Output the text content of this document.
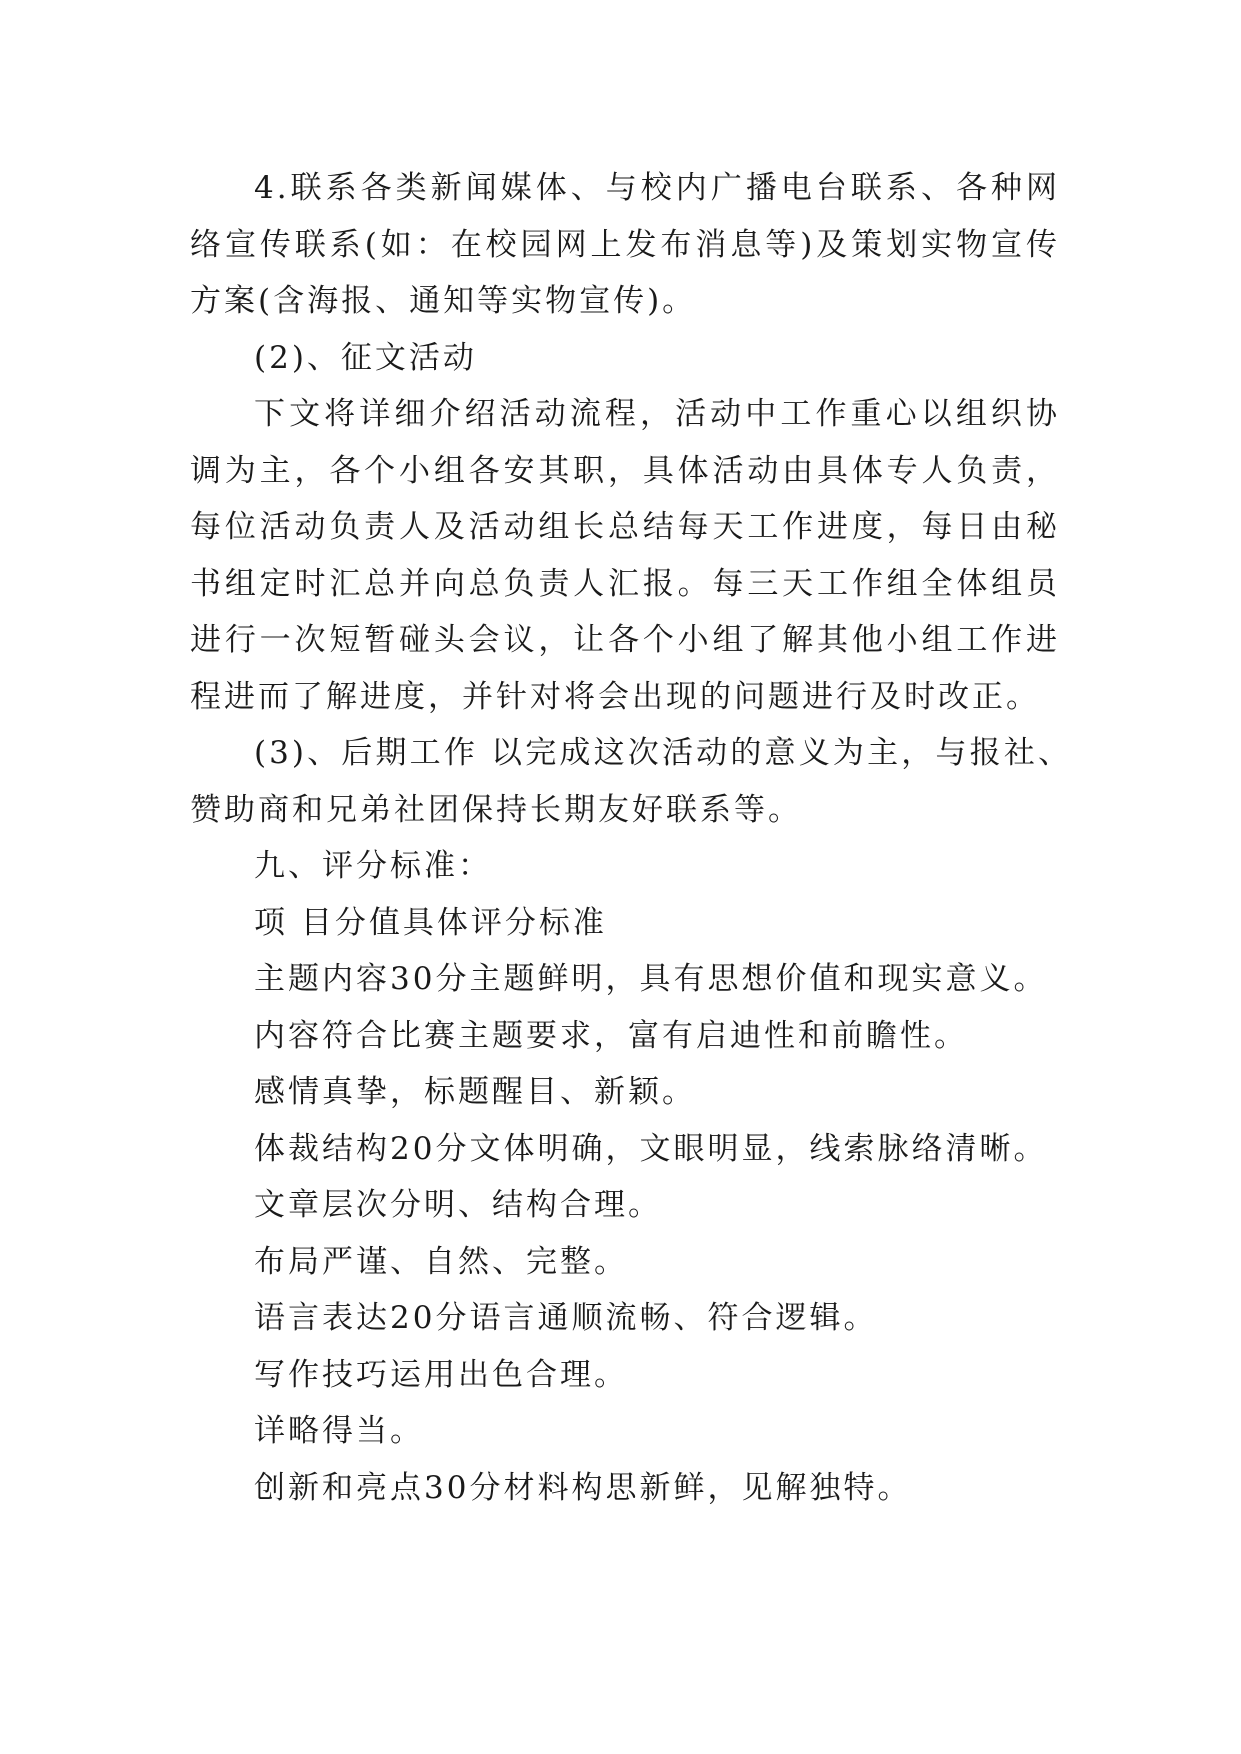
4.联系各类新闻媒体、与校内广播电台联系、各种网络宣传联系(如：在校园网上发布消息等)及策划实物宣传方案(含海报、通知等实物宣传)。

(2)、征文活动

下文将详细介绍活动流程，活动中工作重心以组织协调为主，各个小组各安其职，具体活动由具体专人负责，每位活动负责人及活动组长总结每天工作进度，每日由秘书组定时汇总并向总负责人汇报。每三天工作组全体组员进行一次短暂碰头会议，让各个小组了解其他小组工作进程进而了解进度，并针对将会出现的问题进行及时改正。

(3)、后期工作 以完成这次活动的意义为主，与报社、赞助商和兄弟社团保持长期友好联系等。

九、评分标准：

项 目分值具体评分标准

主题内容30分主题鲜明，具有思想价值和现实意义。

内容符合比赛主题要求，富有启迪性和前瞻性。

感情真挚，标题醒目、新颖。

体裁结构20分文体明确，文眼明显，线索脉络清晰。

文章层次分明、结构合理。

布局严谨、自然、完整。

语言表达20分语言通顺流畅、符合逻辑。

写作技巧运用出色合理。

详略得当。

创新和亮点30分材料构思新鲜，见解独特。
